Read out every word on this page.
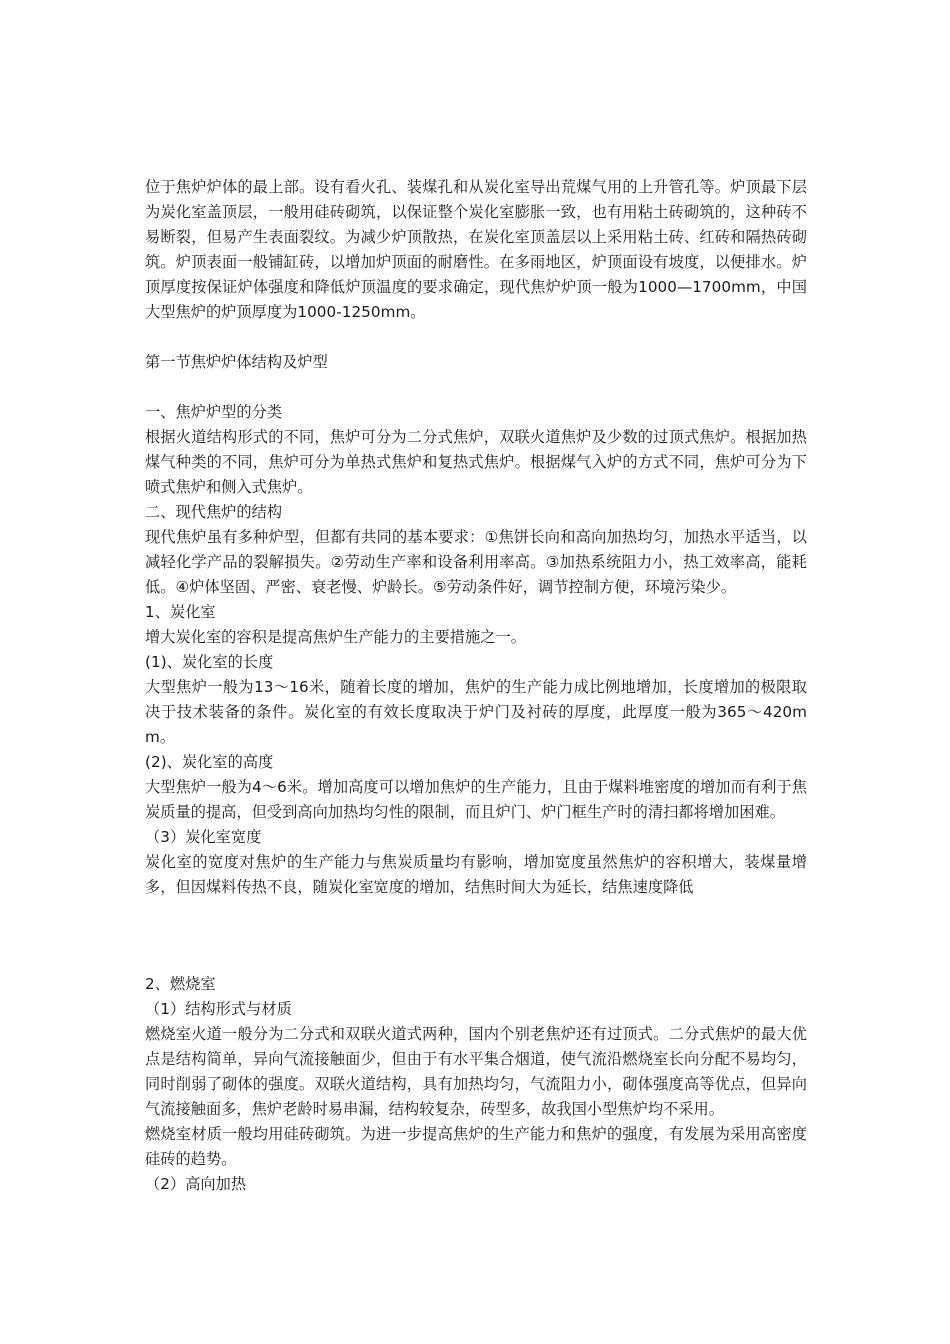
位于焦炉炉体的最上部。设有看火孔、装煤孔和从炭化室导出荒煤气用的上升管孔等。炉顶最下层为炭化室盖顶层，一般用硅砖砌筑，以保证整个炭化室膨胀一致，也有用粘土砖砌筑的，这种砖不易断裂，但易产生表面裂纹。为减少炉顶散热，在炭化室顶盖层以上采用粘土砖、红砖和隔热砖砌筑。炉顶表面一般铺缸砖，以增加炉顶面的耐磨性。在多雨地区，炉顶面设有坡度，以便排水。炉顶厚度按保证炉体强度和降低炉顶温度的要求确定，现代焦炉炉顶一般为1000—1700mm，中国大型焦炉的炉顶厚度为1000-1250mm。

第一节焦炉炉体结构及炉型

一、焦炉炉型的分类

根据火道结构形式的不同，焦炉可分为二分式焦炉，双联火道焦炉及少数的过顶式焦炉。根据加热煤气种类的不同，焦炉可分为单热式焦炉和复热式焦炉。根据煤气入炉的方式不同，焦炉可分为下喷式焦炉和侧入式焦炉。

二、现代焦炉的结构

现代焦炉虽有多种炉型，但都有共同的基本要求：①焦饼长向和高向加热均匀，加热水平适当，以减轻化学产品的裂解损失。②劳动生产率和设备利用率高。③加热系统阻力小，热工效率高，能耗低。④炉体坚固、严密、衰老慢、炉龄长。⑤劳动条件好，调节控制方便，环境污染少。

1、炭化室

增大炭化室的容积是提高焦炉生产能力的主要措施之一。

(1)、炭化室的长度

大型焦炉一般为13～16米，随着长度的增加，焦炉的生产能力成比例地增加，长度增加的极限取决于技术装备的条件。炭化室的有效长度取决于炉门及衬砖的厚度，此厚度一般为365～420mm。

(2)、炭化室的高度

大型焦炉一般为4～6米。增加高度可以增加焦炉的生产能力，且由于煤料堆密度的增加而有利于焦炭质量的提高，但受到高向加热均匀性的限制，而且炉门、炉门框生产时的清扫都将增加困难。

（3）炭化室宽度

炭化室的宽度对焦炉的生产能力与焦炭质量均有影响，增加宽度虽然焦炉的容积增大，装煤量增多，但因煤料传热不良，随炭化室宽度的增加，结焦时间大为延长，结焦速度降低

2、燃烧室

（1）结构形式与材质

燃烧室火道一般分为二分式和双联火道式两种，国内个别老焦炉还有过顶式。二分式焦炉的最大优点是结构简单，异向气流接触面少，但由于有水平集合烟道，使气流沿燃烧室长向分配不易均匀，同时削弱了砌体的强度。双联火道结构，具有加热均匀，气流阻力小，砌体强度高等优点，但异向气流接触面多，焦炉老龄时易串漏，结构较复杂，砖型多，故我国小型焦炉均不采用。

燃烧室材质一般均用硅砖砌筑。为进一步提高焦炉的生产能力和焦炉的强度，有发展为采用高密度硅砖的趋势。

（2）高向加热
